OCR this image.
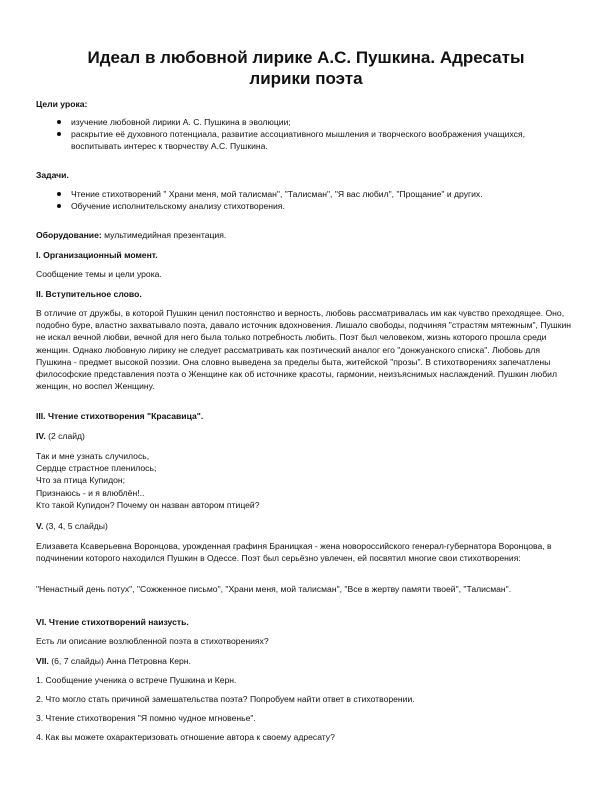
Идеал в любовной лирике А.С. Пушкина. Адресаты лирики поэта
Цели урока:
изучение любовной лирики А. С. Пушкина в эволюции;
раскрытие её духовного потенциала, развитие ассоциативного мышления и творческого воображения учащихся, воспитывать интерес к творчеству А.С. Пушкина.
Задачи.
Чтение стихотворений " Храни меня, мой талисман", "Талисман", "Я вас любил", "Прощание" и других.
Обучение исполнительскому анализу стихотворения.
Оборудование: мультимедийная презентация.
I. Организационный момент.
Сообщение темы и цели урока.
II. Вступительное слово.

В отличие от дружбы, в которой Пушкин ценил постоянство и верность, любовь рассматривалась им как чувство преходящее. Оно, подобно буре, властно захватывало поэта, давало источник вдохновения. Лишало свободы, подчиняя "страстям мятежным", Пушкин не искал вечной любви, вечной для него была только потребность любить. Поэт был человеком, жизнь которого прошла среди женщин. Однако любовную лирику не следует рассматривать как поэтический аналог его "донжуанского списка". Любовь для Пушкина - предмет высокой поэзии. Она словно выведена за пределы быта, житейской "прозы". В стихотворениях запечатлены философские представления поэта о Женщине как об источнике красоты, гармонии, неизъяснимых наслаждений. Пушкин любил женщин, но воспел Женщину.

III. Чтение стихотворения "Красавица".
IV. (2 слайд)
Так и мне узнать случилось,
Сердце страстное пленилось;
Что за птица Купидон;
Признаюсь - и я влюблён!..
Кто такой Купидон? Почему он назван автором птицей?
V. (3, 4, 5 слайды)

Елизавета Ксаверьевна Воронцова, урожденная графиня Браницкая - жена новороссийского генерал-губернатора Воронцова, в подчинении которого находился Пушкин в Одессе. Поэт был серьёзно увлечен, ей посвятил многие свои стихотворения:

"Ненастный день потух", "Сожженное письмо", "Храни меня, мой талисман", "Все в жертву памяти твоей", "Талисман".

VI. Чтение стихотворений наизусть.
Есть ли описание возлюбленной поэта в стихотворениях?
VII. (6, 7 слайды) Анна Петровна Керн.
1. Сообщение ученика о встрече Пушкина и Керн.
2. Что могло стать причиной замешательства поэта? Попробуем найти ответ в стихотворении.
3. Чтение стихотворения "Я помню чудное мгновенье".
4. Как вы можете охарактеризовать отношение автора к своему адресату?
